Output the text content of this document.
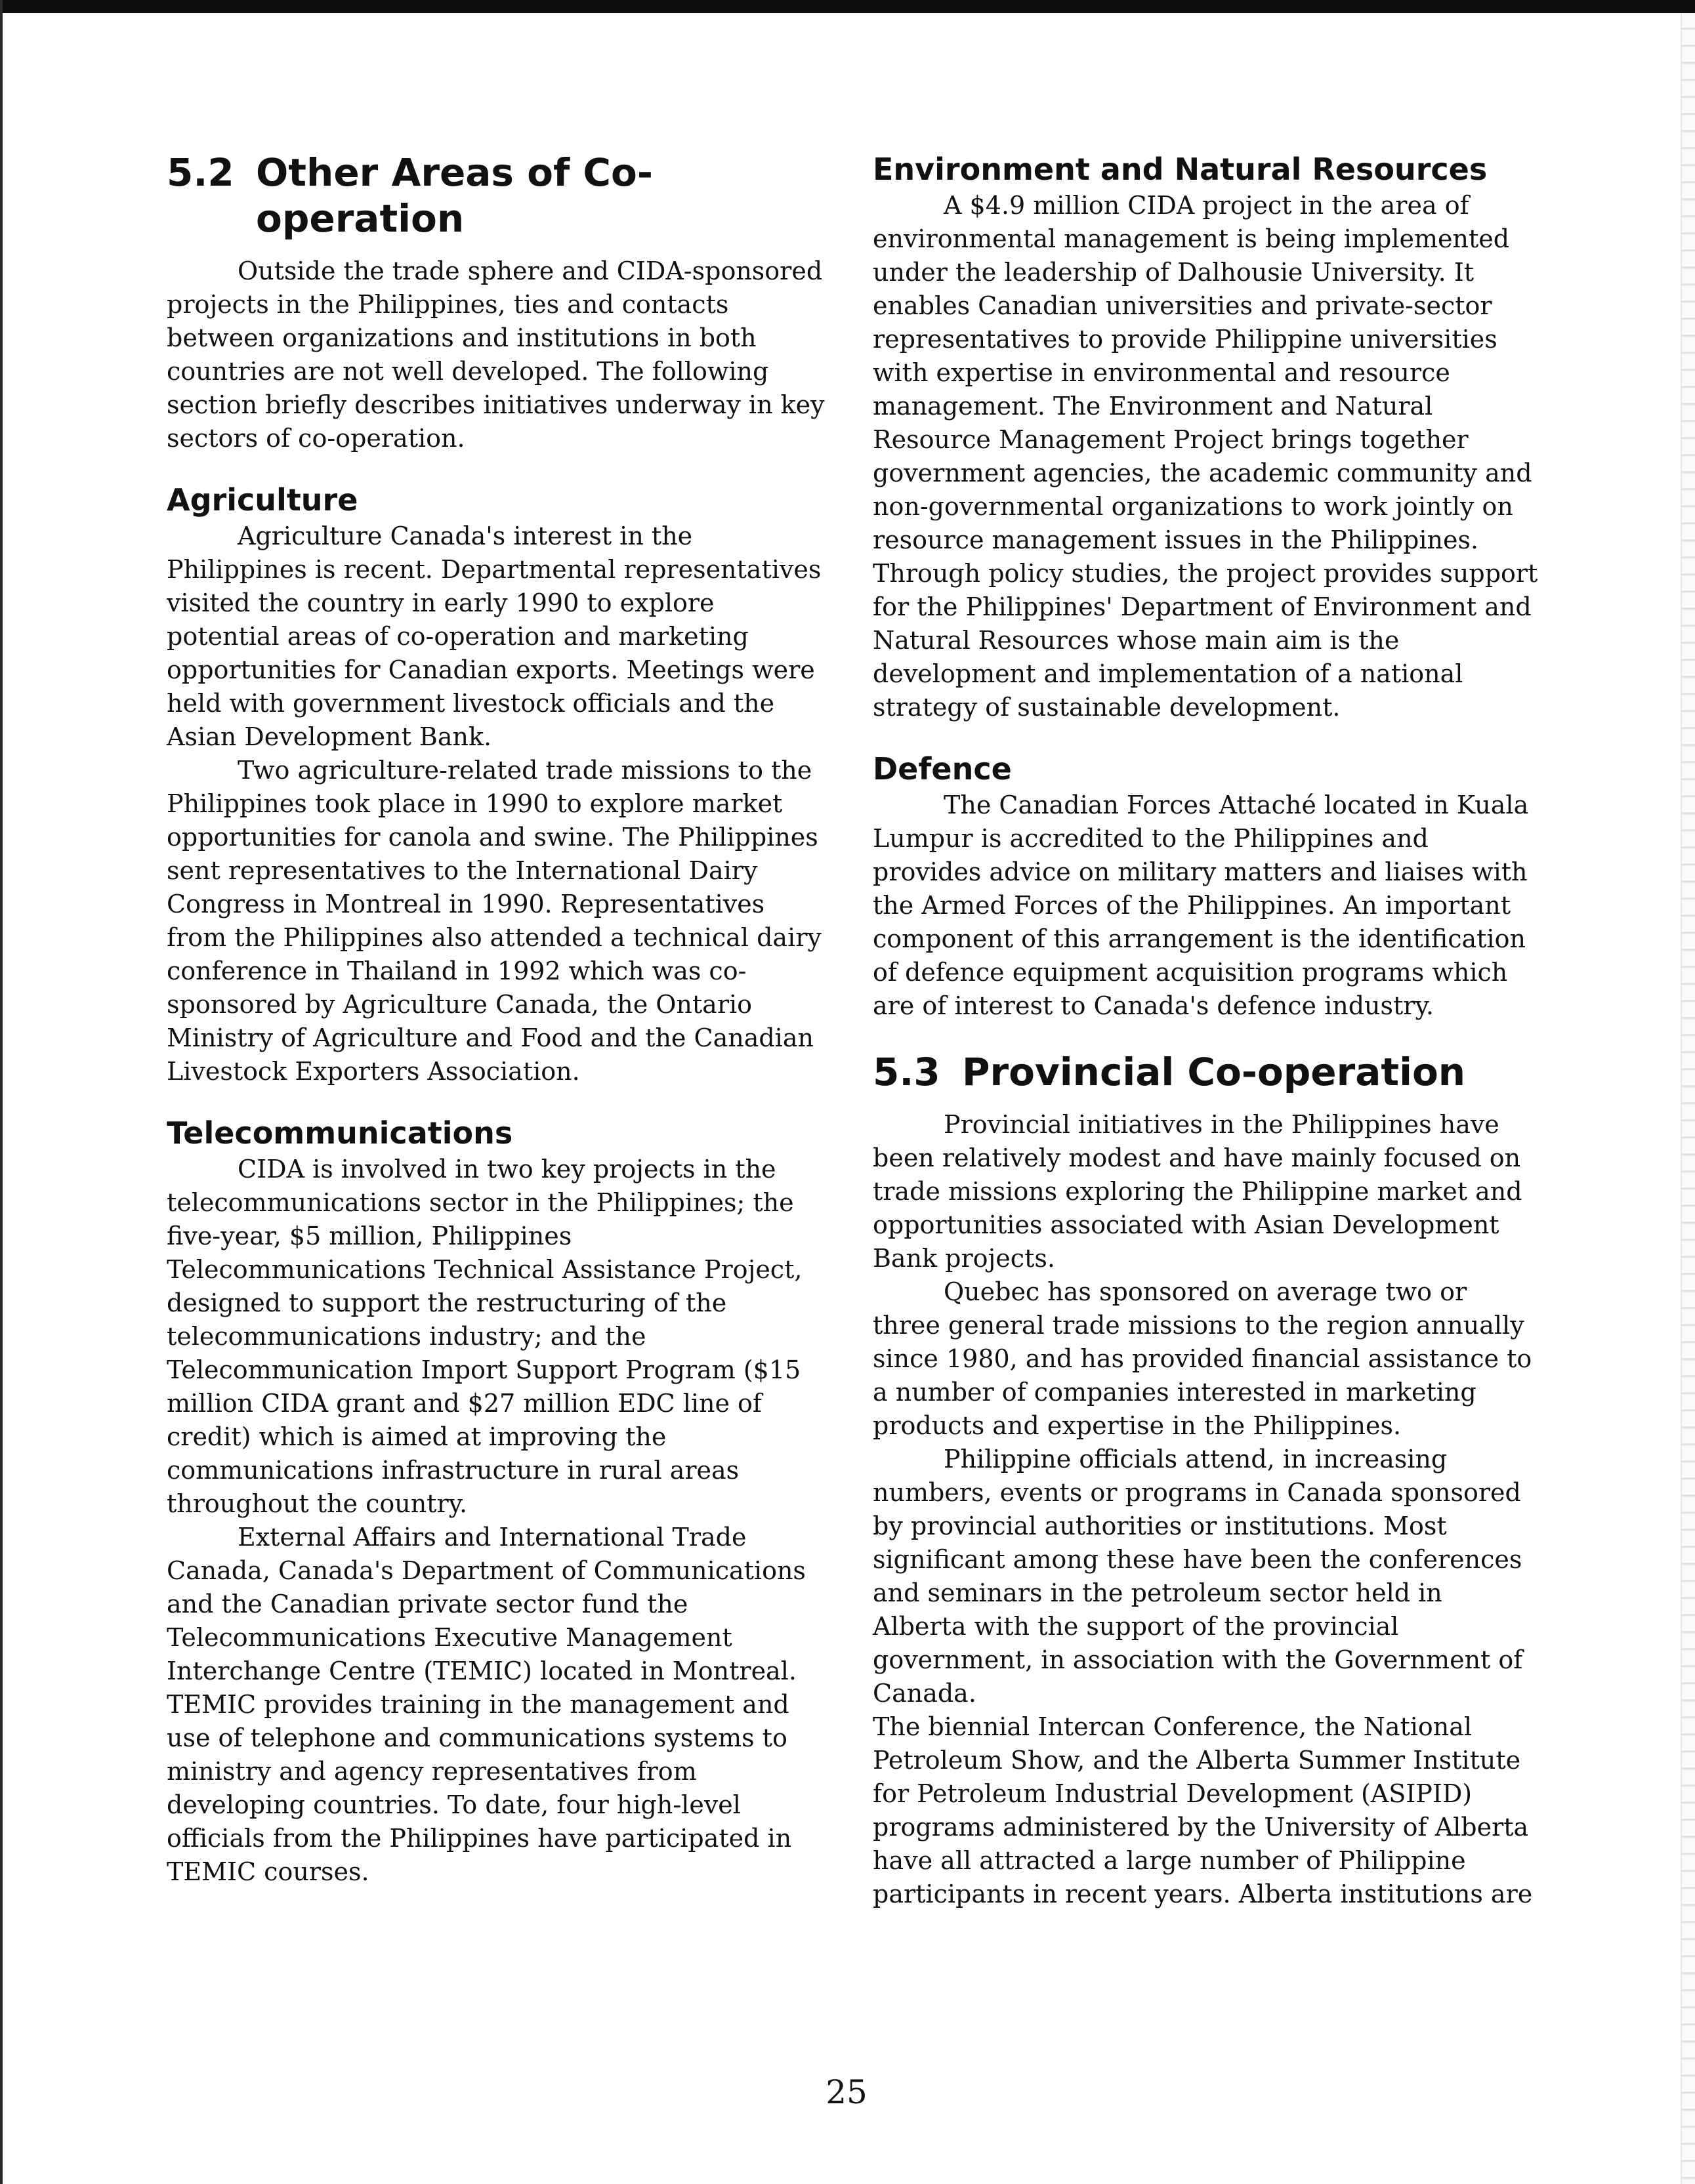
5.2 Other Areas of Co-operation

Outside the trade sphere and CIDA-sponsored projects in the Philippines, ties and contacts between organizations and institutions in both countries are not well developed. The following section briefly describes initiatives underway in key sectors of co-operation.

Agriculture

Agriculture Canada's interest in the Philippines is recent. Departmental representatives visited the country in early 1990 to explore potential areas of co-operation and marketing opportunities for Canadian exports. Meetings were held with government livestock officials and the Asian Development Bank.

Two agriculture-related trade missions to the Philippines took place in 1990 to explore market opportunities for canola and swine. The Philippines sent representatives to the International Dairy Congress in Montreal in 1990. Representatives from the Philippines also attended a technical dairy conference in Thailand in 1992 which was co-sponsored by Agriculture Canada, the Ontario Ministry of Agriculture and Food and the Canadian Livestock Exporters Association.

Telecommunications

CIDA is involved in two key projects in the telecommunications sector in the Philippines; the five-year, $5 million, Philippines Telecommunications Technical Assistance Project, designed to support the restructuring of the telecommunications industry; and the Telecommunication Import Support Program ($15 million CIDA grant and $27 million EDC line of credit) which is aimed at improving the communications infrastructure in rural areas throughout the country.

External Affairs and International Trade Canada, Canada's Department of Communications and the Canadian private sector fund the Telecommunications Executive Management Interchange Centre (TEMIC) located in Montreal. TEMIC provides training in the management and use of telephone and communications systems to ministry and agency representatives from developing countries. To date, four high-level officials from the Philippines have participated in TEMIC courses.

Environment and Natural Resources

A $4.9 million CIDA project in the area of environmental management is being implemented under the leadership of Dalhousie University. It enables Canadian universities and private-sector representatives to provide Philippine universities with expertise in environmental and resource management. The Environment and Natural Resource Management Project brings together government agencies, the academic community and non-governmental organizations to work jointly on resource management issues in the Philippines. Through policy studies, the project provides support for the Philippines' Department of Environment and Natural Resources whose main aim is the development and implementation of a national strategy of sustainable development.

Defence

The Canadian Forces Attaché located in Kuala Lumpur is accredited to the Philippines and provides advice on military matters and liaises with the Armed Forces of the Philippines. An important component of this arrangement is the identification of defence equipment acquisition programs which are of interest to Canada's defence industry.

5.3 Provincial Co-operation

Provincial initiatives in the Philippines have been relatively modest and have mainly focused on trade missions exploring the Philippine market and opportunities associated with Asian Development Bank projects.

Quebec has sponsored on average two or three general trade missions to the region annually since 1980, and has provided financial assistance to a number of companies interested in marketing products and expertise in the Philippines.

Philippine officials attend, in increasing numbers, events or programs in Canada sponsored by provincial authorities or institutions. Most significant among these have been the conferences and seminars in the petroleum sector held in Alberta with the support of the provincial government, in association with the Government of Canada.

The biennial Intercan Conference, the National Petroleum Show, and the Alberta Summer Institute for Petroleum Industrial Development (ASIPID) programs administered by the University of Alberta have all attracted a large number of Philippine participants in recent years. Alberta institutions are

25
